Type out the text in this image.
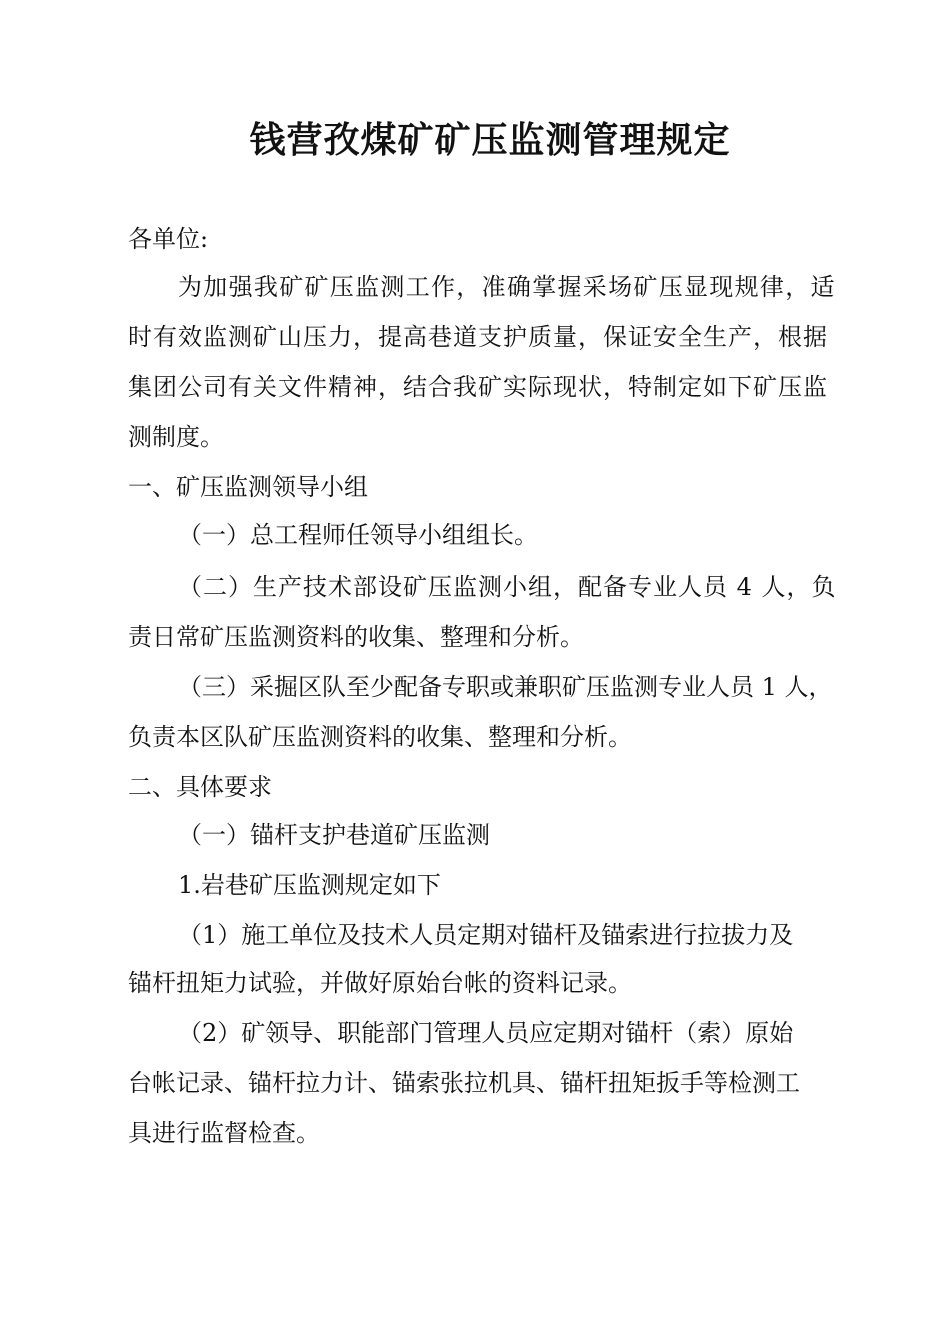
钱营孜煤矿矿压监测管理规定
各单位:
为加强我矿矿压监测工作，准确掌握采场矿压显现规律，适
时有效监测矿山压力，提高巷道支护质量，保证安全生产，根据
集团公司有关文件精神，结合我矿实际现状，特制定如下矿压监
测制度。
一、矿压监测领导小组
（一）总工程师任领导小组组长。
（二）生产技术部设矿压监测小组，配备专业人员 4 人，负
责日常矿压监测资料的收集、整理和分析。
（三）采掘区队至少配备专职或兼职矿压监测专业人员 1 人，
负责本区队矿压监测资料的收集、整理和分析。
二、具体要求
（一）锚杆支护巷道矿压监测
1.岩巷矿压监测规定如下
（1）施工单位及技术人员定期对锚杆及锚索进行拉拔力及
锚杆扭矩力试验，并做好原始台帐的资料记录。
（2）矿领导、职能部门管理人员应定期对锚杆（索）原始
台帐记录、锚杆拉力计、锚索张拉机具、锚杆扭矩扳手等检测工
具进行监督检查。
